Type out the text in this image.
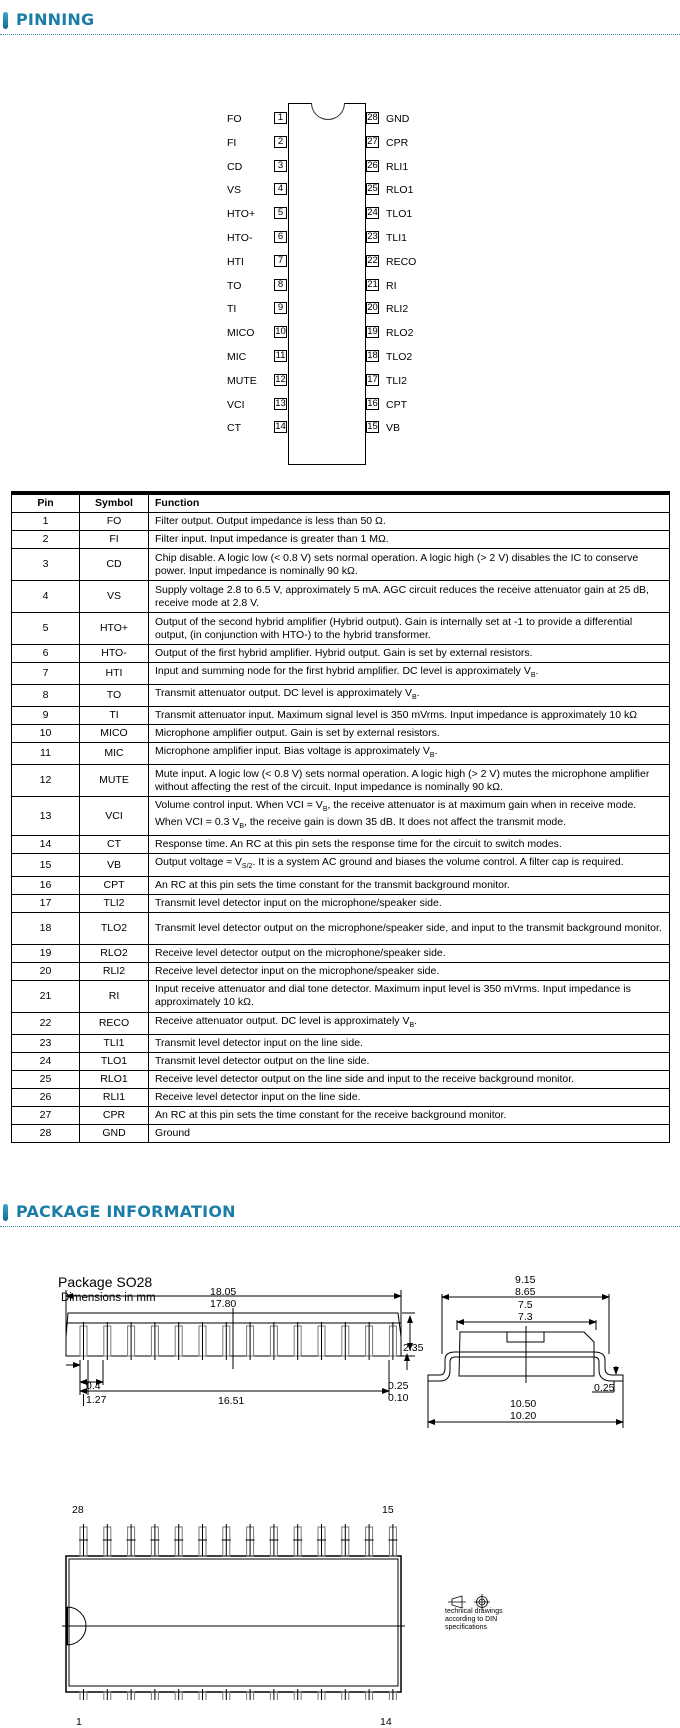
PINNING
FO	1
FI	2
CD	3
VS	4
HTO+	5
HTO-	6
HTI	7
TO	8
TI	9
MICO	10
MIC	11
MUTE	12
VCI	13
CT	14
28 GND
27 CPR
26 RLI1
25 RLO1
24 TLO1
23 TLI1
22 RECO
21 RI
20 RLI2
19 RLO2
18 TLO2
17 TLI2
16 CPT
15 VB
Pin	Symbol	Function
1	FO	Filter output. Output impedance is less than 50 Ω.
2	FI	Filter input. Input impedance is greater than 1 MΩ.
3	CD	Chip disable. A logic low (< 0.8 V) sets normal operation. A logic high (> 2 V) disables the IC to conserve power. Input impedance is nominally 90 kΩ.
4	VS	Supply voltage 2.8 to 6.5 V, approximately 5 mA. AGC circuit reduces the receive attenuator gain at 25 dB, receive mode at 2.8 V.
5	HTO+	Output of the second hybrid amplifier (Hybrid output). Gain is internally set at -1 to provide a differential output, (in conjunction with HTO-) to the hybrid transformer.
6	HTO-	Output of the first hybrid amplifier. Hybrid output. Gain is set by external resistors.
7	HTI	Input and summing node for the first hybrid amplifier. DC level is approximately $V_B$.
8	TO	Transmit attenuator output. DC level is approximately $V_B$.
9	TI	Transmit attenuator input. Maximum signal level is 350 mVrms. Input impedance is approximately 10 kΩ
10	MICO	Microphone amplifier output. Gain is set by external resistors.
11	MIC	Microphone amplifier input. Bias voltage is approximately $V_B$.
12	MUTE	Mute input. A logic low (< 0.8 V) sets normal operation. A logic high (> 2 V) mutes the microphone amplifier without affecting the rest of the circuit. Input impedance is nominally 90 kΩ.
13	VCI	Volume control input. When VCI = $V_B$, the receive attenuator is at maximum gain when in receive mode. When VCI = 0.3 $V_B$, the receive gain is down 35 dB. It does not affect the transmit mode.
14	CT	Response time. An RC at this pin sets the response time for the circuit to switch modes.
15	VB	Output voltage ≈ $V_{S/2}$. It is a system AC ground and biases the volume control. A filter cap is required.
16	CPT	An RC at this pin sets the time constant for the transmit background monitor.
17	TLI2	Transmit level detector input on the microphone/speaker side.
18	TLO2	Transmit level detector output on the microphone/speaker side, and input to the transmit background monitor.
19	RLO2	Receive level detector output on the microphone/speaker side.
20	RLI2	Receive level detector input on the microphone/speaker side.
21	RI	Input receive attenuator and dial tone detector. Maximum input level is 350 mVrms. Input impedance is approximately 10 kΩ.
22	RECO	Receive attenuator output. DC level is approximately $V_B$.
23	TLI1	Transmit level detector input on the line side.
24	TLO1	Transmit level detector output on the line side.
25	RLO1	Receive level detector output on the line side and input to the receive background monitor.
26	RLI1	Receive level detector input on the line side.
27	CPR	An RC at this pin sets the time constant for the receive background monitor.
28	GND	Ground
PACKAGE INFORMATION
Package SO28
Dimensions in mm	18.05
17.80
2.35
0.4
1.27
0.25
0.10
16.51
9.15
8.65
7.5
7.3
0.25
10.50
10.20
28	15
1	14
technical drawings
according to DIN
specifications
